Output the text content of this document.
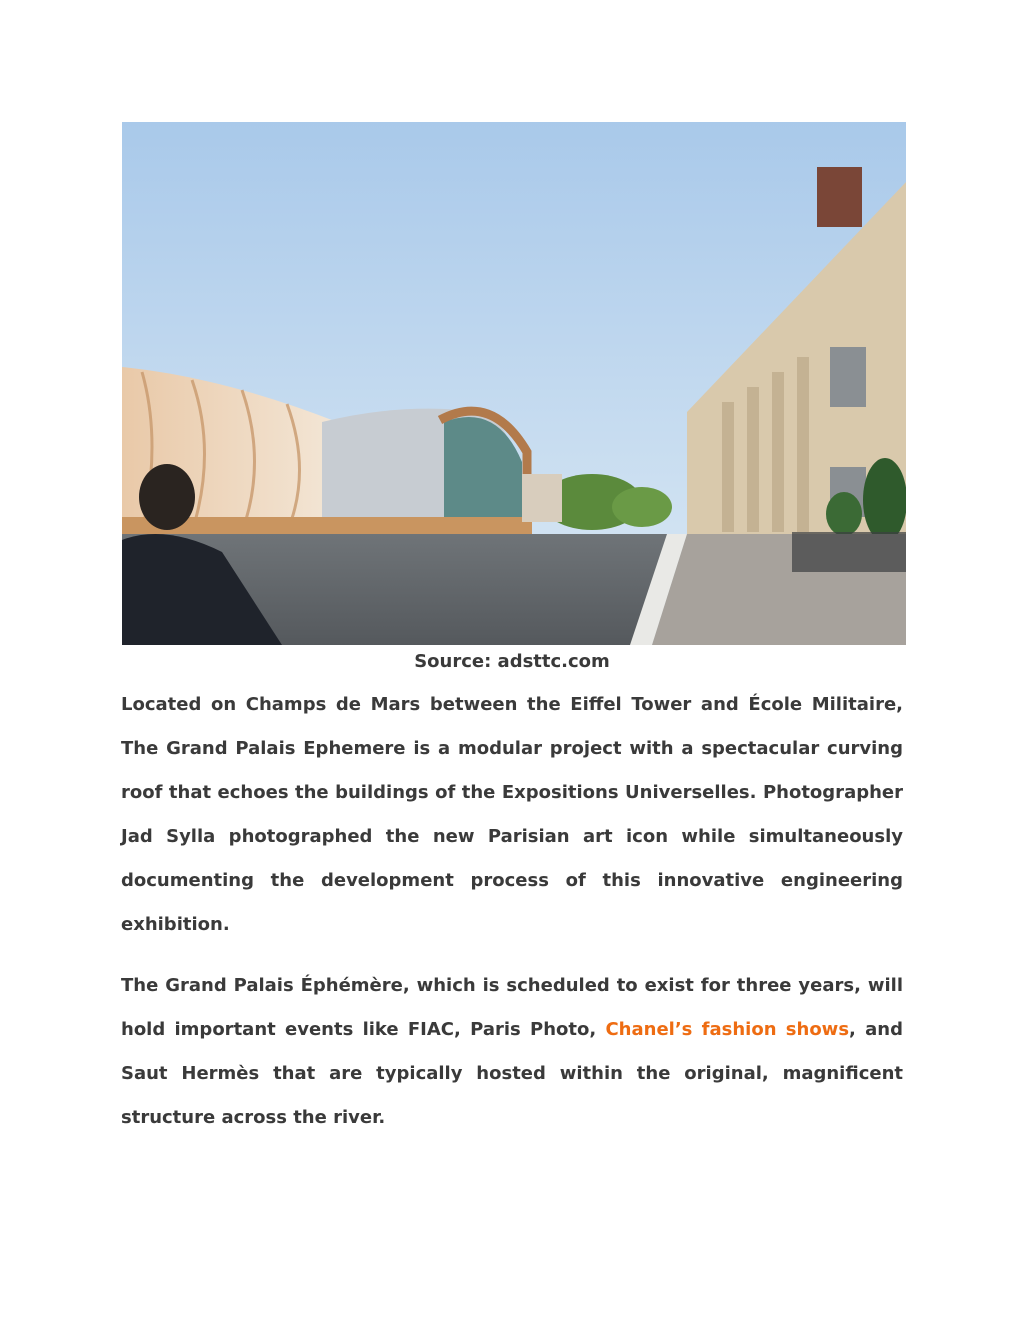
Source: adsttc.com

Located on Champs de Mars between the Eiffel Tower and École Militaire, The Grand Palais Ephemere is a modular project with a spectacular curving roof that echoes the buildings of the Expositions Universelles. Photographer Jad Sylla photographed the new Parisian art icon while simultaneously documenting the development process of this innovative engineering exhibition.

The Grand Palais Éphémère, which is scheduled to exist for three years, will hold important events like FIAC, Paris Photo, Chanel’s fashion shows, and Saut Hermès that are typically hosted within the original, magnificent structure across the river.
